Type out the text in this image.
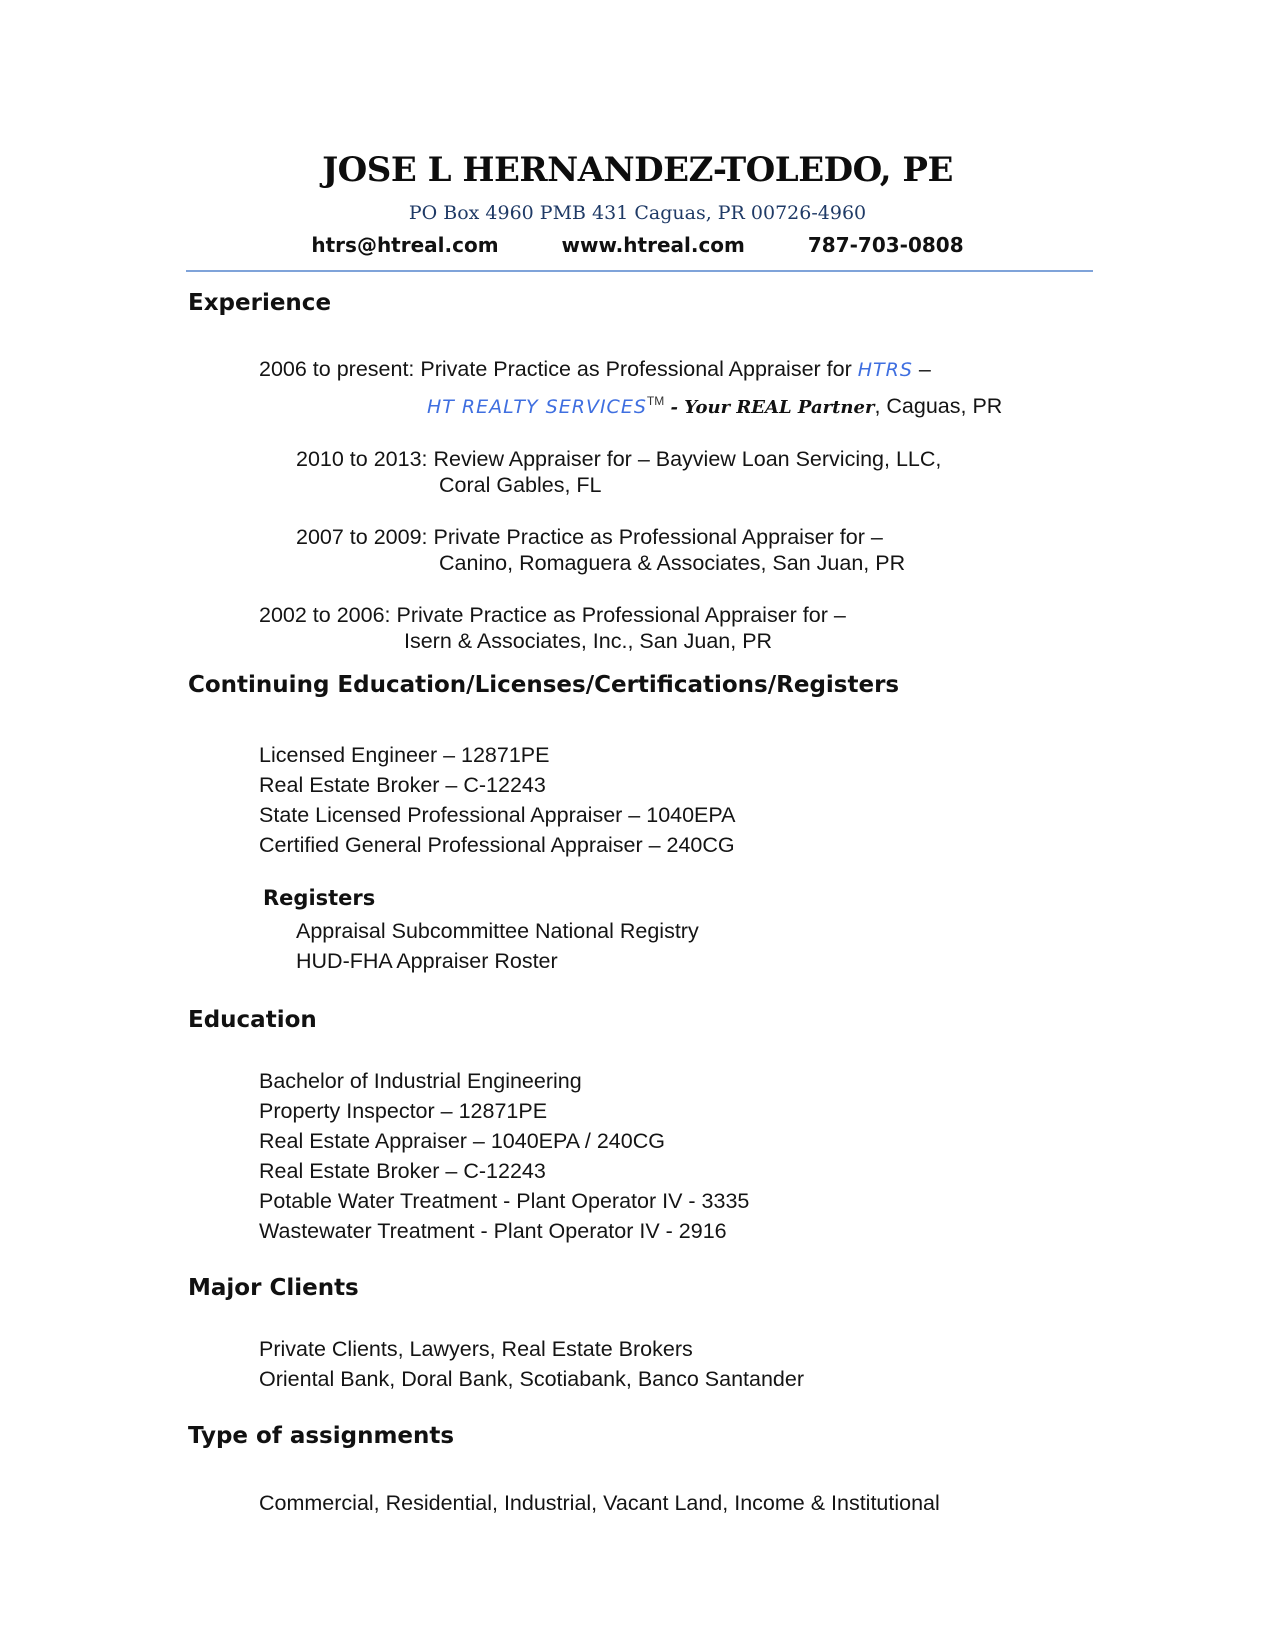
JOSE L HERNANDEZ-TOLEDO, PE
PO Box 4960 PMB 431 Caguas, PR 00726-4960
htrs@htreal.com	www.htreal.com	787-703-0808
Experience
2006 to present: Private Practice as Professional Appraiser for HTRS –
HT REALTY SERVICES™ - Your REAL Partner, Caguas, PR
2010 to 2013: Review Appraiser for – Bayview Loan Servicing, LLC,
Coral Gables, FL
2007 to 2009: Private Practice as Professional Appraiser for –
Canino, Romaguera & Associates, San Juan, PR
2002 to 2006: Private Practice as Professional Appraiser for –
Isern & Associates, Inc., San Juan, PR
Continuing Education/Licenses/Certifications/Registers
Licensed Engineer – 12871PE
Real Estate Broker – C-12243
State Licensed Professional Appraiser – 1040EPA
Certified General Professional Appraiser – 240CG
Registers
Appraisal Subcommittee National Registry
HUD-FHA Appraiser Roster
Education
Bachelor of Industrial Engineering
Property Inspector – 12871PE
Real Estate Appraiser – 1040EPA / 240CG
Real Estate Broker – C-12243
Potable Water Treatment - Plant Operator IV - 3335
Wastewater Treatment - Plant Operator IV - 2916
Major Clients
Private Clients, Lawyers, Real Estate Brokers
Oriental Bank, Doral Bank, Scotiabank, Banco Santander
Type of assignments
Commercial, Residential, Industrial, Vacant Land, Income & Institutional
